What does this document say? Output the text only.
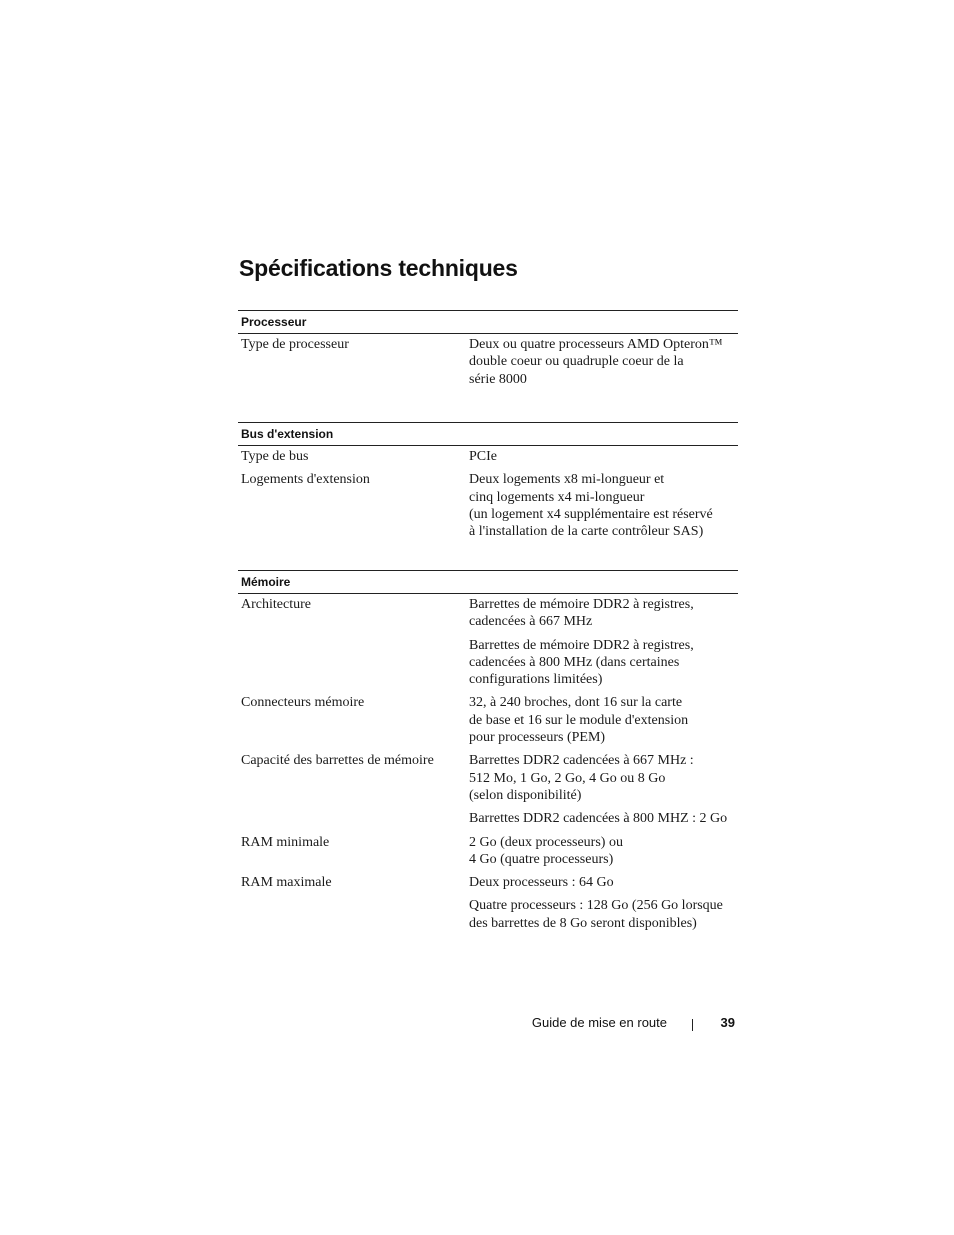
Spécifications techniques
Processeur
Type de processeur	Deux ou quatre processeurs AMD Opteron™
double coeur ou quadruple coeur de la
série 8000
Bus d'extension
Type de bus	PCIe
Logements d'extension	Deux logements x8 mi-longueur et
cinq logements x4 mi-longueur
(un logement x4 supplémentaire est réservé
à l'installation de la carte contrôleur SAS)
Mémoire
Architecture	Barrettes de mémoire DDR2 à registres,
cadencées à 667 MHz
Barrettes de mémoire DDR2 à registres,
cadencées à 800 MHz (dans certaines
configurations limitées)
Connecteurs mémoire	32, à 240 broches, dont 16 sur la carte
de base et 16 sur le module d'extension
pour processeurs (PEM)
Capacité des barrettes de mémoire	Barrettes DDR2 cadencées à 667 MHz :
512 Mo, 1 Go, 2 Go, 4 Go ou 8 Go
(selon disponibilité)
Barrettes DDR2 cadencées à 800 MHZ : 2 Go
RAM minimale	2 Go (deux processeurs) ou
4 Go (quatre processeurs)
RAM maximale	Deux processeurs : 64 Go
Quatre processeurs : 128 Go (256 Go lorsque
des barrettes de 8 Go seront disponibles)
Guide de mise en route	39
